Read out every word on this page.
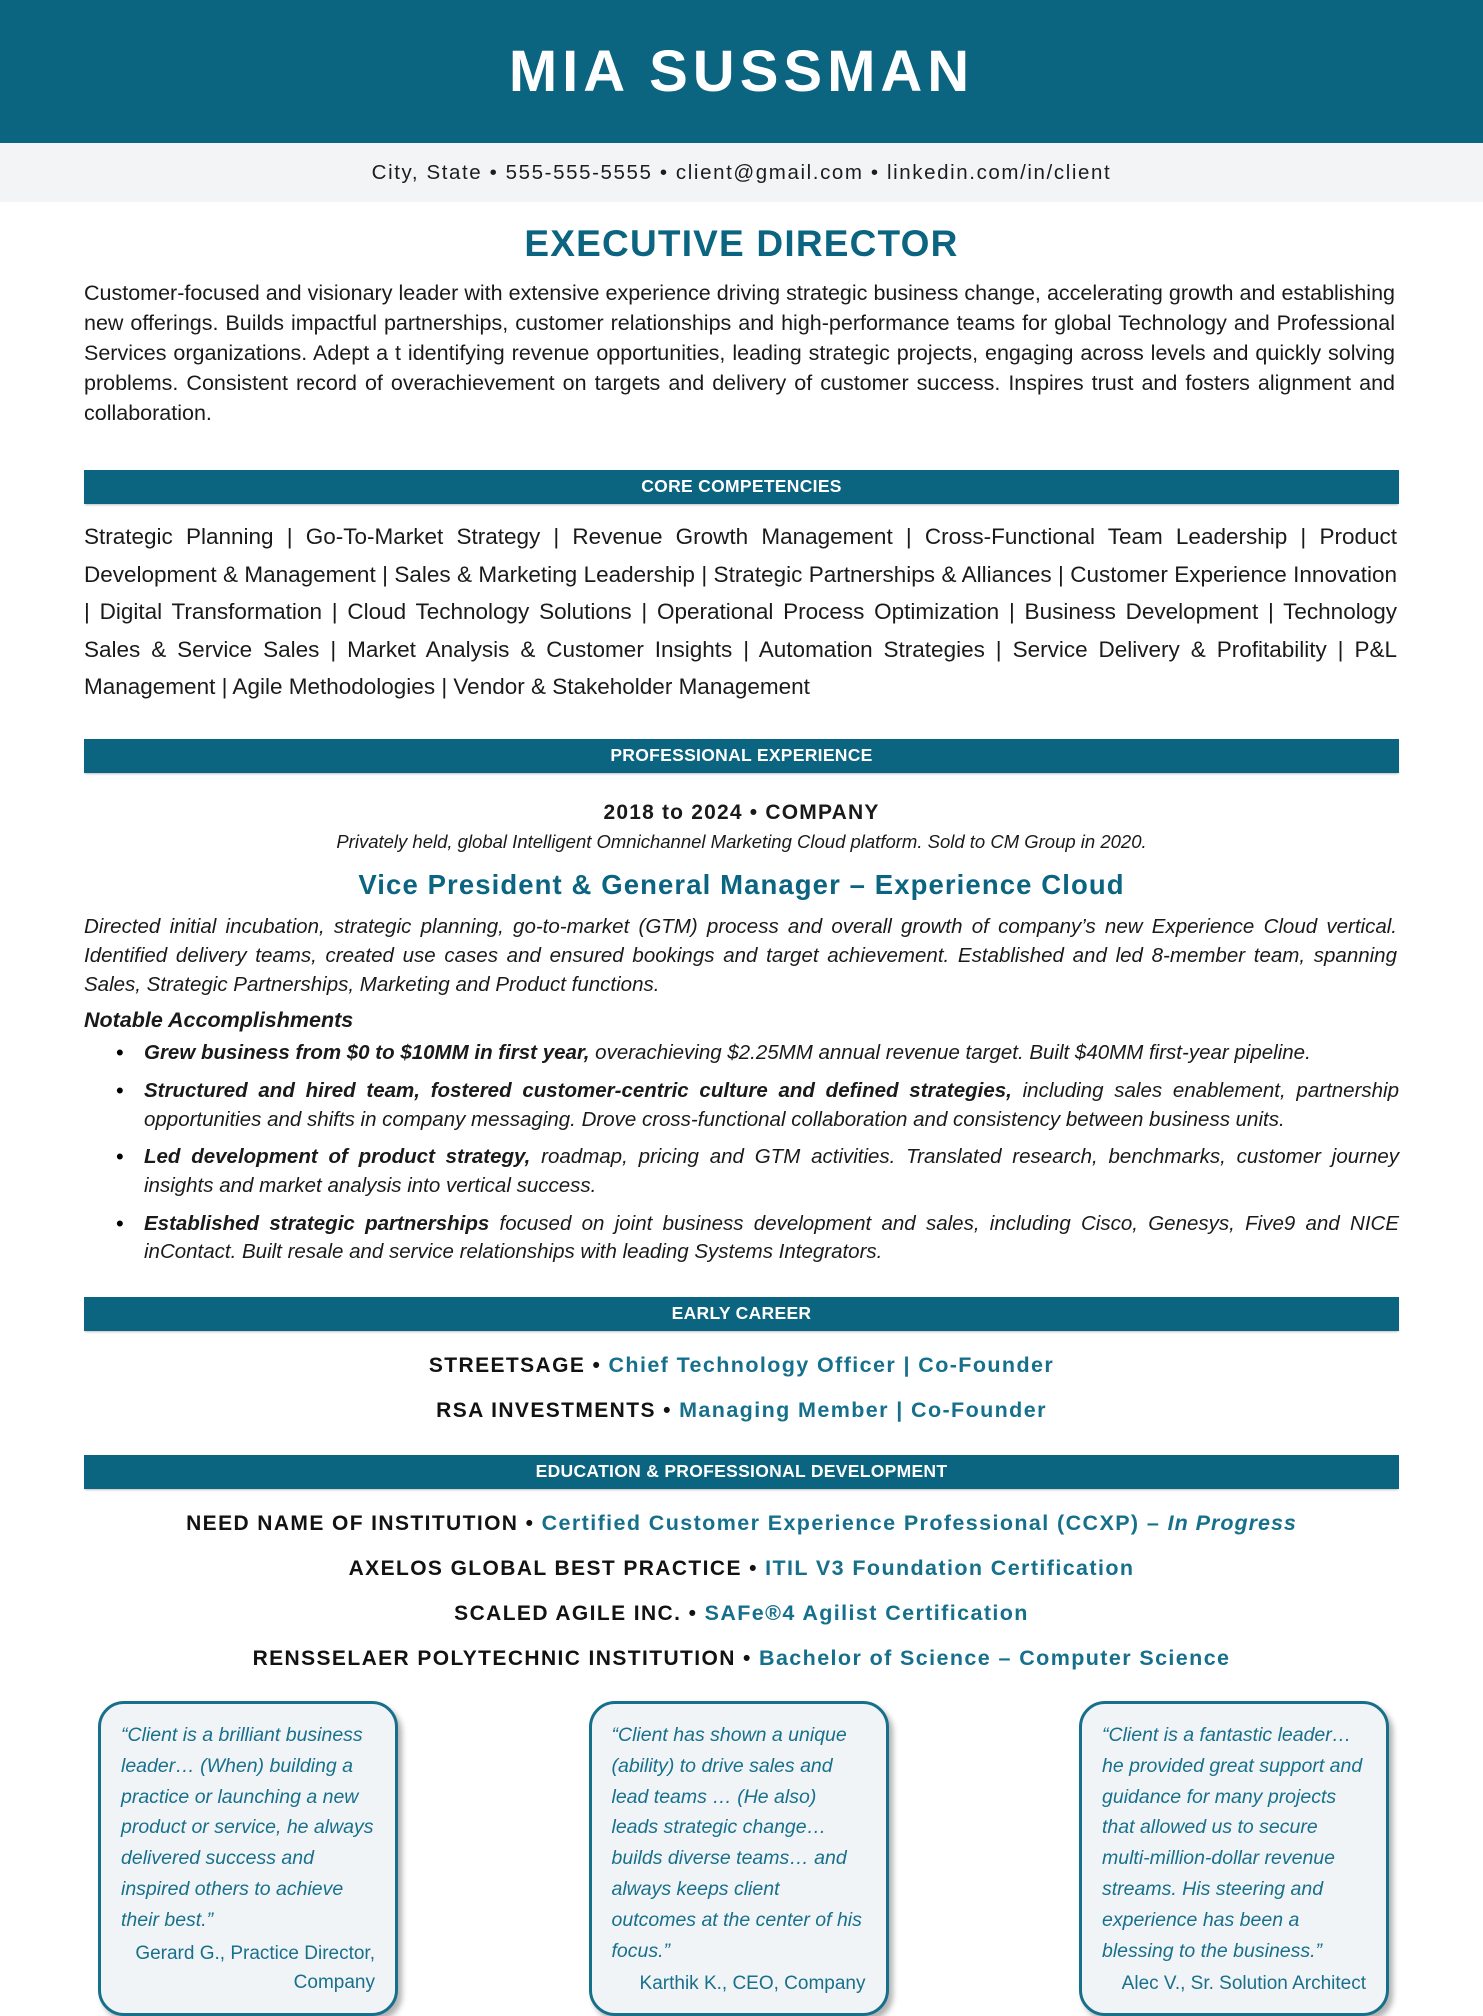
MIA SUSSMAN
City, State • 555-555-5555 • client@gmail.com • linkedin.com/in/client
EXECUTIVE DIRECTOR

Customer-focused and visionary leader with extensive experience driving strategic business change, accelerating growth and establishing new offerings. Builds impactful partnerships, customer relationships and high-performance teams for global Technology and Professional Services organizations. Adept a t identifying revenue opportunities, leading strategic projects, engaging across levels and quickly solving problems. Consistent record of overachievement on targets and delivery of customer success. Inspires trust and fosters alignment and collaboration.

CORE COMPETENCIES
Strategic Planning | Go-To-Market Strategy | Revenue Growth Management | Cross-Functional Team Leadership | Product Development & Management | Sales & Marketing Leadership | Strategic Partnerships & Alliances | Customer Experience Innovation | Digital Transformation | Cloud Technology Solutions | Operational Process Optimization | Business Development | Technology Sales & Service Sales | Market Analysis & Customer Insights | Automation Strategies | Service Delivery & Profitability | P&L Management | Agile Methodologies | Vendor & Stakeholder Management
PROFESSIONAL EXPERIENCE
2018 to 2024 • COMPANY
Privately held, global Intelligent Omnichannel Marketing Cloud platform. Sold to CM Group in 2020.
Vice President & General Manager – Experience Cloud
Directed initial incubation, strategic planning, go-to-market (GTM) process and overall growth of company’s new Experience Cloud vertical. Identified delivery teams, created use cases and ensured bookings and target achievement. Established and led 8-member team, spanning Sales, Strategic Partnerships, Marketing and Product functions.
Notable Accomplishments
• Grew business from $0 to $10MM in first year, overachieving $2.25MM annual revenue target. Built $40MM first-year pipeline.
• Structured and hired team, fostered customer-centric culture and defined strategies, including sales enablement, partnership opportunities and shifts in company messaging. Drove cross-functional collaboration and consistency between business units.
• Led development of product strategy, roadmap, pricing and GTM activities. Translated research, benchmarks, customer journey insights and market analysis into vertical success.
• Established strategic partnerships focused on joint business development and sales, including Cisco, Genesys, Five9 and NICE inContact. Built resale and service relationships with leading Systems Integrators.
EARLY CAREER
STREETSAGE • Chief Technology Officer | Co-Founder
RSA INVESTMENTS • Managing Member | Co-Founder
EDUCATION & PROFESSIONAL DEVELOPMENT
NEED NAME OF INSTITUTION • Certified Customer Experience Professional (CCXP) – In Progress
AXELOS GLOBAL BEST PRACTICE • ITIL V3 Foundation Certification
SCALED AGILE INC. • SAFe®4 Agilist Certification
RENSSELAER POLYTECHNIC INSTITUTION • Bachelor of Science – Computer Science
“Client is a brilliant business leader… (When) building a practice or launching a new product or service, he always delivered success and inspired others to achieve their best.”
Gerard G., Practice Director, Company
“Client has shown a unique (ability) to drive sales and lead teams … (He also) leads strategic change… builds diverse teams… and always keeps client outcomes at the center of his focus.”
Karthik K., CEO, Company
“Client is a fantastic leader… he provided great support and guidance for many projects that allowed us to secure multi-million-dollar revenue streams. His steering and experience has been a blessing to the business.”
Alec V., Sr. Solution Architect
